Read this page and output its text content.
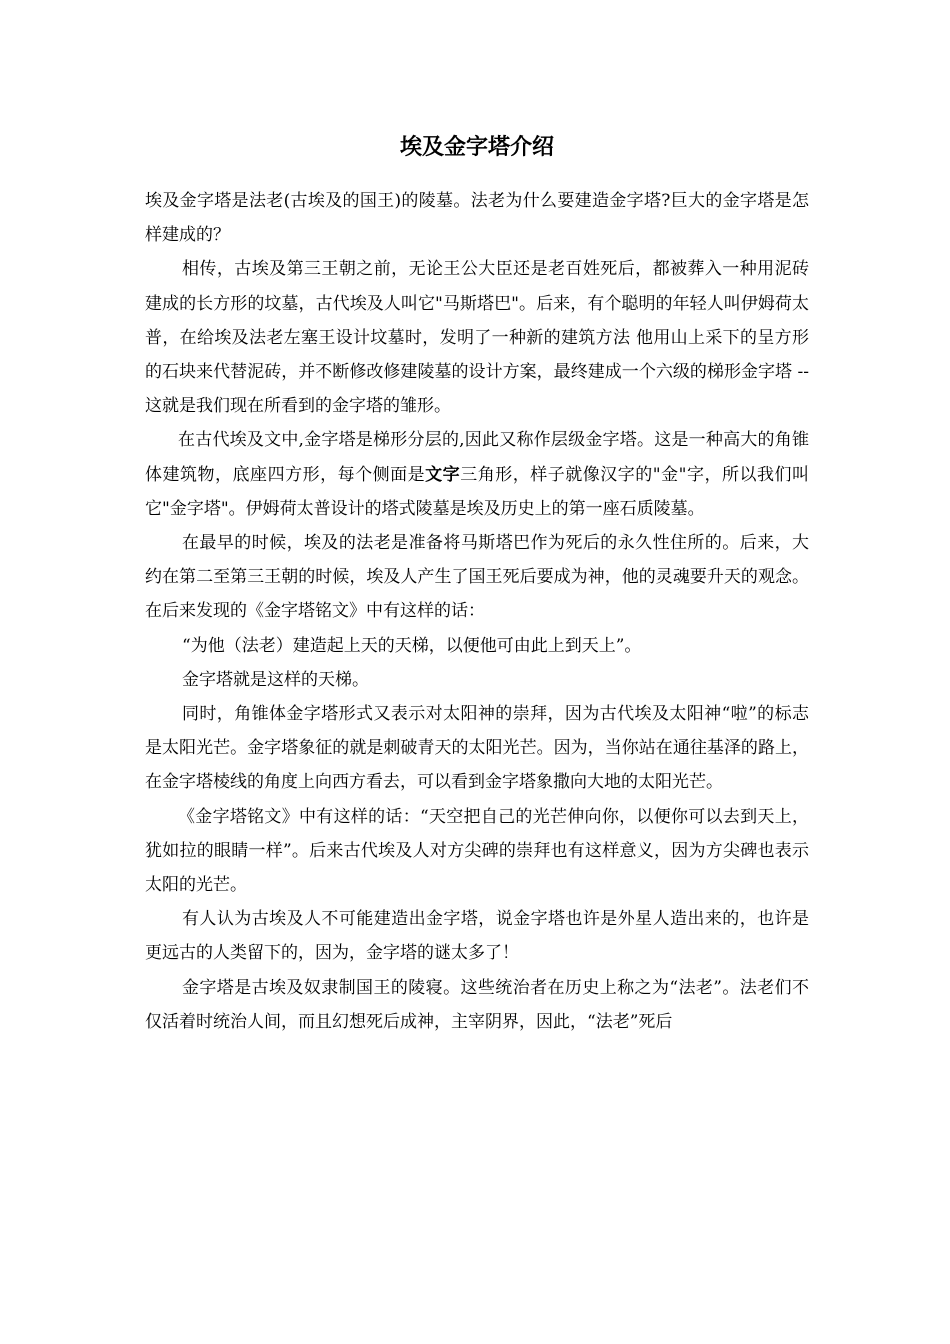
埃及金字塔介绍

埃及金字塔是法老(古埃及的国王)的陵墓。法老为什么要建造金字塔?巨大的金字塔是怎样建成的？

相传，古埃及第三王朝之前，无论王公大臣还是老百姓死后，都被葬入一种用泥砖建成的长方形的坟墓，古代埃及人叫它"马斯塔巴"。后来，有个聪明的年轻人叫伊姆荷太普，在给埃及法老左塞王设计坟墓时，发明了一种新的建筑方法 他用山上采下的呈方形的石块来代替泥砖，并不断修改修建陵墓的设计方案，最终建成一个六级的梯形金字塔 --这就是我们现在所看到的金字塔的雏形。

在古代埃及文中,金字塔是梯形分层的,因此又称作层级金字塔。这是一种高大的角锥体建筑物，底座四方形，每个侧面是文字三角形，样子就像汉字的"金"字，所以我们叫它"金字塔"。伊姆荷太普设计的塔式陵墓是埃及历史上的第一座石质陵墓。

在最早的时候，埃及的法老是准备将马斯塔巴作为死后的永久性住所的。后来，大约在第二至第三王朝的时候，埃及人产生了国王死后要成为神，他的灵魂要升天的观念。在后来发现的《金字塔铭文》中有这样的话：

“为他（法老）建造起上天的天梯，以便他可由此上到天上”。

金字塔就是这样的天梯。

同时，角锥体金字塔形式又表示对太阳神的崇拜，因为古代埃及太阳神“啦”的标志是太阳光芒。金字塔象征的就是刺破青天的太阳光芒。因为，当你站在通往基泽的路上，在金字塔棱线的角度上向西方看去，可以看到金字塔象撒向大地的太阳光芒。

《金字塔铭文》中有这样的话：“天空把自己的光芒伸向你，以便你可以去到天上，犹如拉的眼睛一样”。后来古代埃及人对方尖碑的崇拜也有这样意义，因为方尖碑也表示太阳的光芒。

有人认为古埃及人不可能建造出金字塔，说金字塔也许是外星人造出来的，也许是更远古的人类留下的，因为，金字塔的谜太多了！

金字塔是古埃及奴隶制国王的陵寝。这些统治者在历史上称之为“法老”。法老们不仅活着时统治人间，而且幻想死后成神，主宰阴界，因此，“法老”死后
